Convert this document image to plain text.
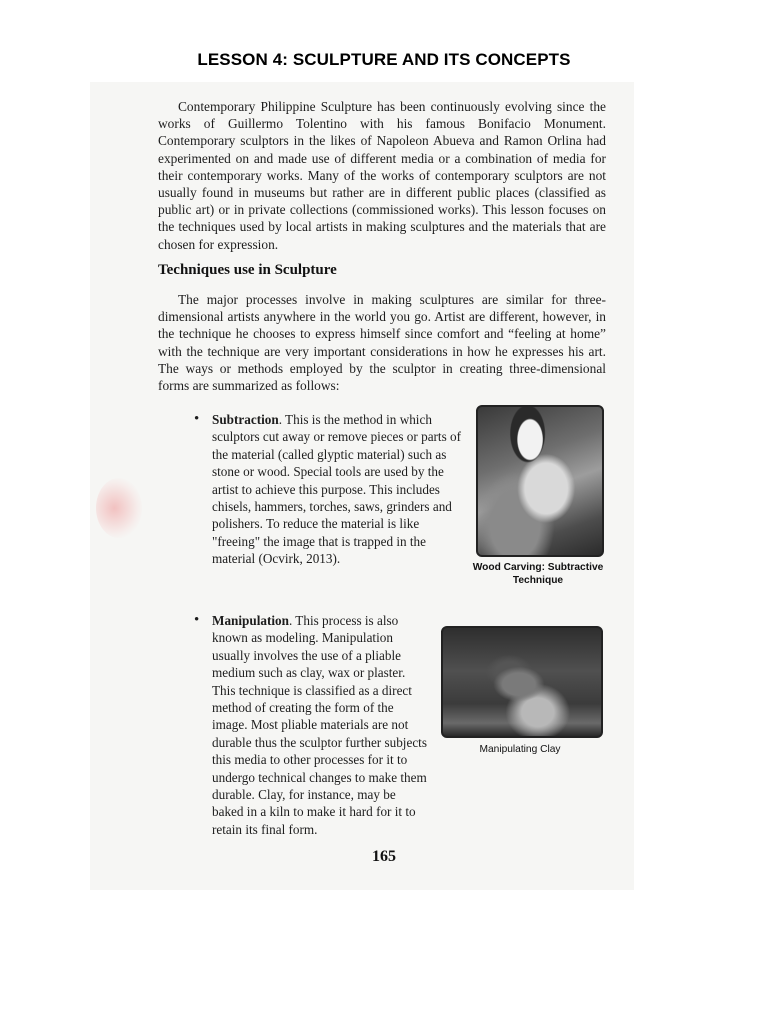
LESSON 4: SCULPTURE AND ITS CONCEPTS

Contemporary Philippine Sculpture has been continuously evolving since the works of Guillermo Tolentino with his famous Bonifacio Monument. Contemporary sculptors in the likes of Napoleon Abueva and Ramon Orlina had experimented on and made use of different media or a combination of media for their contemporary works. Many of the works of contemporary sculptors are not usually found in museums but rather are in different public places (classified as public art) or in private collections (commissioned works). This lesson focuses on the techniques used by local artists in making sculptures and the materials that are chosen for expression.

Techniques use in Sculpture

The major processes involve in making sculptures are similar for three-dimensional artists anywhere in the world you go. Artist are different, however, in the technique he chooses to express himself since comfort and “feeling at home” with the technique are very important considerations in how he expresses his art. The ways or methods employed by the sculptor in creating three-dimensional forms are summarized as follows:

• Subtraction. This is the method in which sculptors cut away or remove pieces or parts of the material (called glyptic material) such as stone or wood. Special tools are used by the artist to achieve this purpose. This includes chisels, hammers, torches, saws, grinders and polishers. To reduce the material is like "freeing" the image that is trapped in the material (Ocvirk, 2013).

Wood Carving: Subtractive Technique

• Manipulation. This process is also known as modeling. Manipulation usually involves the use of a pliable medium such as clay, wax or plaster. This technique is classified as a direct method of creating the form of the image. Most pliable materials are not durable thus the sculptor further subjects this media to other processes for it to undergo technical changes to make them durable. Clay, for instance, may be baked in a kiln to make it hard for it to retain its final form.

Manipulating Clay

165
